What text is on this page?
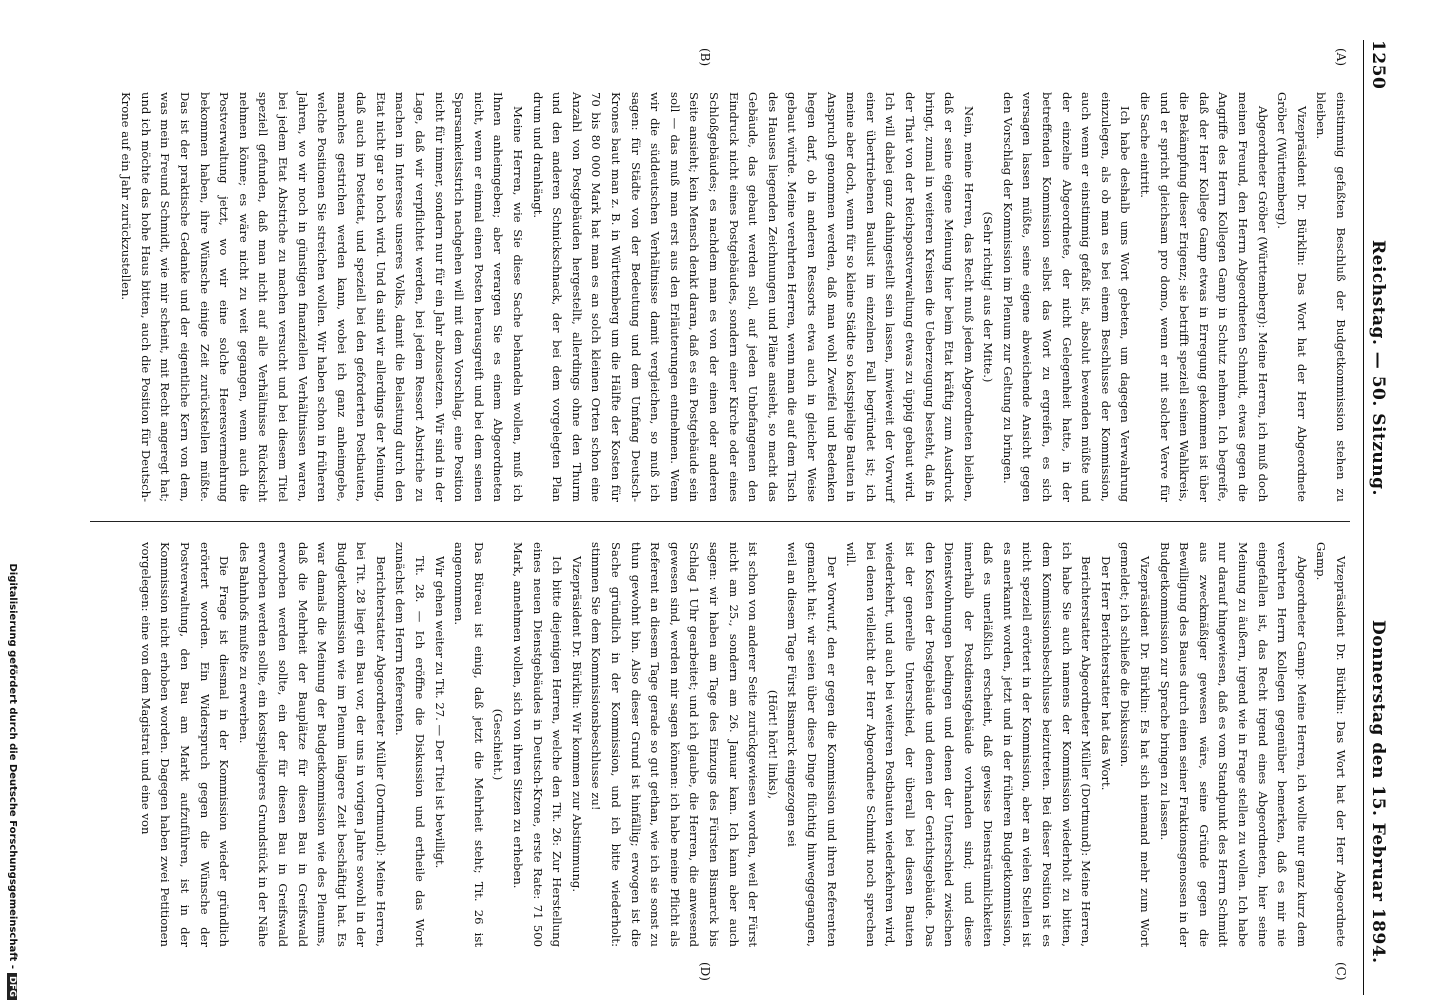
1250
Reichstag. — 50. Sitzung.
Donnerstag den 15. Februar 1894.
(A)
(B)
(C)
(D)

einstimmig gefaßten Beschluß der Budgetkommission stehen zu bleiben.

Vizepräsident Dr. Bürklin: Das Wort hat der Herr Abgeordnete Gröber (Württemberg).

Abgeordneter Gröber (Württemberg): Meine Herren, ich muß doch meinen Freund, den Herrn Abgeordneten Schmidt, etwas gegen die Angriffe des Herrn Kollegen Gamp in Schutz nehmen. Ich begreife, daß der Herr Kollege Gamp etwas in Erregung gekommen ist über die Bekämpfung dieser Erigenz; sie betrifft speziell seinen Wahlkreis, und er spricht gleichsam pro domo, wenn er mit solcher Verve für die Sache eintritt.

Ich habe deshalb ums Wort gebeten, um dagegen Verwahrung einzulegen, als ob man es bei einem Beschlusse der Kommission, auch wenn er einstimmig gefaßt ist, absolut bewenden müßte und der einzelne Abgeordnete, der nicht Gelegenheit hatte, in der betreffenden Kommission selbst das Wort zu ergreifen, es sich versagen lassen müßte, seine eigene abweichende Ansicht gegen den Vorschlag der Kommission im Plenum zur Geltung zu bringen.

(Sehr richtig! aus der Mitte.)

Nein, meine Herren, das Recht muß jedem Abgeordneten bleiben, daß er seine eigene Meinung hier beim Etat kräftig zum Ausdruck bringt, zumal in weiteren Kreisen die Ueberzeugung besteht, daß in der That von der Reichspostverwaltung etwas zu üppig gebaut wird. Ich will dabei ganz dahingestellt sein lassen, inwieweit der Vorwurf einer übertriebenen Baulust im einzelnen Fall begründet ist; ich meine aber doch, wenn für so kleine Städte so kostspielige Bauten in Anspruch genommen werden, daß man wohl Zweifel und Bedenken hegen darf, ob in anderen Ressorts etwa auch in gleicher Weise gebaut würde. Meine verehrten Herren, wenn man die auf dem Tisch des Hauses liegenden Zeichnungen und Pläne ansieht, so macht das Gebäude, das gebaut werden soll, auf jeden Unbefangenen den Eindruck nicht eines Postgebäudes, sondern einer Kirche oder eines Schloßgebäudes; es nachdem man es von der einen oder anderen Seite ansieht; kein Mensch denkt daran, daß es ein Postgebäude sein soll — das muß man erst aus den Erläuterungen entnehmen. Wenn wir die süddeutschen Verhältnisse damit vergleichen, so muß ich sagen: für Städte von der Bedeutung und dem Umfang Deutsch-Krones baut man z. B. in Württemberg um die Hälfte der Kosten für 70 bis 80 000 Mark hat man es an solch kleinen Orten schon eine Anzahl von Postgebäuden hergestellt, allerdings ohne den Thurm und den anderen Schnickschnack, der bei dem vorgelegten Plan drum und dranhängt.

Meine Herren, wie Sie diese Sache behandeln wollen, muß ich Ihnen anheimgeben; aber verargen Sie es einem Abgeordneten nicht, wenn er einmal einen Posten herausgreift und bei dem seinen Sparsamkeitsstrich nachgehen will mit dem Vorschlag, eine Position nicht für immer, sondern nur für ein Jahr abzusetzen. Wir sind in der Lage, daß wir verpflichtet werden, bei jedem Ressort Abstriche zu machen im Interesse unseres Volks, damit die Belastung durch den Etat nicht gar so hoch wird. Und da sind wir allerdings der Meinung, daß auch im Postetat, und speziell bei den geforderten Postbauten, manches gestrichen werden kann, wobei ich ganz anheimgebe, welche Positionen Sie streichen wollen. Wir haben schon in früheren Jahren, wo wir noch in günstigen finanziellen Verhältnissen waren, bei jedem Etat Abstriche zu machen versucht und bei diesem Titel speziell gefunden, daß man nicht auf alle Verhältnisse Rücksicht nehmen könne; es wäre nicht zu weit gegangen, wenn auch die Postverwaltung jetzt, wo wir eine solche Heeresvermehrung bekommen haben, ihre Wünsche einige Zeit zurückstellen müßte. Das ist der praktische Gedanke und der eigentliche Kern von dem, was mein Freund Schmidt, wie mir scheint, mit Recht angeregt hat; und ich möchte das hohe Haus bitten, auch die Position für Deutsch-Krone auf ein Jahr zurückzustellen.

Vizepräsident Dr. Bürklin: Das Wort hat der Herr Abgeordnete Gamp.

Abgeordneter Gamp: Meine Herren, ich wollte nur ganz kurz dem verehrten Herrn Kollegen gegenüber bemerken, daß es mir nie eingefallen ist, das Recht irgend eines Abgeordneten, hier seine Meinung zu äußern, irgend wie in Frage stellen zu wollen. Ich habe nur darauf hingewiesen, daß es vom Standpunkt des Herrn Schmidt aus zweckmäßiger gewesen wäre, seine Gründe gegen die Bewilligung des Baues durch einen seiner Fraktionsgenossen in der Budgetkommission zur Sprache bringen zu lassen.

Vizepräsident Dr. Bürklin: Es hat sich niemand mehr zum Wort gemeldet; ich schließe die Diskussion.

Der Herr Berichterstatter hat das Wort.

Berichterstatter Abgeordneter Müller (Dortmund): Meine Herren, ich habe Sie auch namens der Kommission wiederholt zu bitten, dem Kommissionsbeschlusse beizutreten. Bei dieser Position ist es nicht speziell erörtert in der Kommission, aber an vielen Stellen ist es anerkannt worden, jetzt und in der früheren Budgetkommission, daß es unerläßlich erscheint, daß gewisse Diensträumlichkeiten innerhalb der Postdienstgebäude vorhanden sind; und diese Dienstwohnungen bedingen und denen der Unterschied zwischen den Kosten der Postgebäude und denen der Gerichtsgebäude. Das ist der generelle Unterschied, der überall bei diesen Bauten wiederkehrt, und auch bei weiteren Postbauten wiederkehren wird, bei denen vielleicht der Herr Abgeordnete Schmidt noch sprechen will.

Der Vorwurf, den er gegen die Kommission und ihren Referenten gemacht hat: wir seien über diese Dinge flüchtig hinweggegangen, weil an diesem Tage Fürst Bismarck eingezogen sei

(Hört! hört! links),

ist schon von anderer Seite zurückgewiesen worden, weil der Fürst nicht am 25., sondern am 26. Januar kam. Ich kann aber auch sagen: wir haben am Tage des Einzugs des Fürsten Bismarck bis Schlag 1 Uhr gearbeitet; und ich glaube, die Herren, die anwesend gewesen sind, werden mir sagen können: ich habe meine Pflicht als Referent an diesem Tage gerade so gut gethan, wie ich sie sonst zu thun gewohnt bin. Also dieser Grund ist hinfällig; erwogen ist die Sache gründlich in der Kommission, und ich bitte wiederholt: stimmen Sie dem Kommissionsbeschlusse zu!

Vizepräsident Dr. Bürklin: Wir kommen zur Abstimmung.

Ich bitte diejenigen Herren, welche den Tit. 26: Zur Herstellung eines neuen Dienstgebäudes in Deutsch-Krone, erste Rate: 71 500 Mark, annehmen wollen, sich von ihren Sitzen zu erheben.

(Geschieht.)

Das Büreau ist einig, daß jetzt die Mehrheit steht; Tit. 26 ist angenommen.

Wir gehen weiter zu Tit. 27. — Der Titel ist bewilligt.

Tit. 28. — Ich eröffne die Diskussion und ertheile das Wort zunächst dem Herrn Referenten.

Berichterstatter Abgeordneter Müller (Dortmund): Meine Herren, bei Tit. 28 liegt ein Bau vor, der uns in vorigen Jahre sowohl in der Budgetkommission wie im Plenum längere Zeit beschäftigt hat. Es war damals die Meinung der Budgetkommission wie des Plenums, daß die Mehrheit der Bauplätze für diesen Bau in Greifswald erworben werden sollte, ein der für diesen Bau in Greifswald erworben werden sollte, ein kostspieligeres Grundstück in der Nähe des Bahnhofs mußte zu erwerben.

Die Frage ist diesmal in der Kommission wieder gründlich erörtert worden. Ein Widerspruch gegen die Wünsche der Postverwaltung, den Bau am Markt aufzuführen, ist in der Kommission nicht erhoben worden. Dagegen haben zwei Petitionen vorgelegen: eine von dem Magistrat und eine von

Digitalisierung gefördert durch die Deutsche Forschungsgemeinschaft -DFG
